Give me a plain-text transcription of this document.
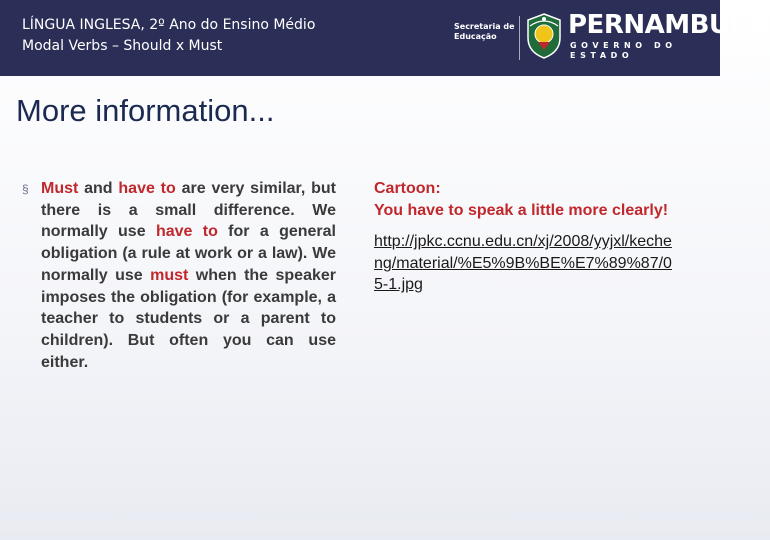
LÍNGUA INGLESA, 2º Ano do Ensino Médio
Modal Verbs – Should x Must
Secretaria de
Educação	PERNAMBUCO
GOVERNO DO ESTADO
More information...
§ Must and have to are very similar, but there is a small difference. We normally use have to for a general obligation (a rule at work or a law). We normally use must when the speaker imposes the obligation (for example, a teacher to students or a parent to children). But often you can use either.
Cartoon:
You have to speak a little more clearly!
http://jpkc.ccnu.edu.cn/xj/2008/yyjxl/kecheng/material/%E5%9B%BE%E7%89%87/05-1.jpg
